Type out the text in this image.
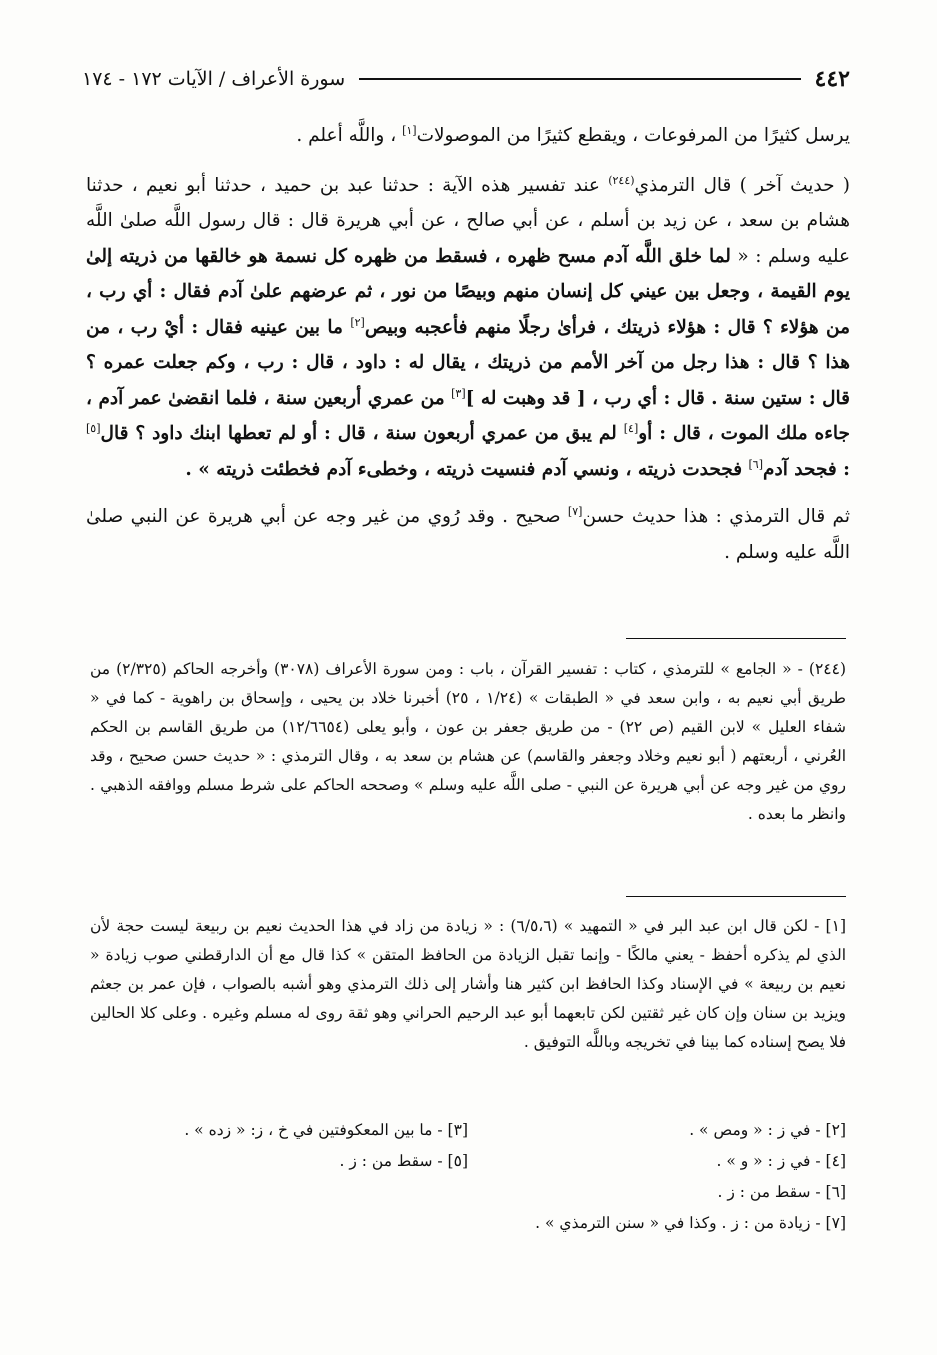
٤٤٢
سورة الأعراف / الآيات ١٧٢ - ١٧٤

يرسل كثيرًا من المرفوعات ، ويقطع كثيرًا من الموصولات[١] ، واللَّه أعلم .

( حديث آخر ) قال الترمذي$^{(٢٤٤)}$ عند تفسير هذه الآية : حدثنا عبد بن حميد ، حدثنا أبو نعيم ، حدثنا هشام بن سعد ، عن زيد بن أسلم ، عن أبي صالح ، عن أبي هريرة قال : قال رسول اللَّه صلىٰ اللَّه عليه وسلم : « لما خلق اللَّه آدم مسح ظهره ، فسقط من ظهره كل نسمة هو خالقها من ذريته إلىٰ يوم القيمة ، وجعل بين عيني كل إنسان منهم وبيصًا من نور ، ثم عرضهم علىٰ آدم فقال : أي رب ، من هؤلاء ؟ قال : هؤلاء ذريتك ، فرأىٰ رجلًا منهم فأعجبه وبيص[٢] ما بين عينيه فقال : أيْ رب ، من هذا ؟ قال : هذا رجل من آخر الأمم من ذريتك ، يقال له : داود ، قال : رب ، وكم جعلت عمره ؟ قال : ستين سنة . قال : أي رب ، [ قد وهبت له ][٣] من عمري أربعين سنة ، فلما انقضىٰ عمر آدم ، جاءه ملك الموت ، قال : أو[٤] لم يبق من عمري أربعون سنة ، قال : أو لم تعطها ابنك داود ؟ قال[٥] : فجحد آدم[٦] فجحدت ذريته ، ونسي آدم فنسيت ذريته ، وخطىء آدم فخطئت ذريته » .

ثم قال الترمذي : هذا حديث حسن[٧] صحيح . وقد رُوي من غير وجه عن أبي هريرة عن النبي صلىٰ اللَّه عليه وسلم .

(٢٤٤) - « الجامع » للترمذي ، كتاب : تفسير القرآن ، باب : ومن سورة الأعراف (٣٠٧٨) وأخرجه الحاكم (٢/٣٢٥) من طريق أبي نعيم به ، وابن سعد في « الطبقات » (١/٢٤ ، ٢٥) أخبرنا خلاد بن يحيى ، وإسحاق بن راهوية - كما في « شفاء العليل » لابن القيم (ص ٢٢) - من طريق جعفر بن عون ، وأبو يعلى (١٢/٦٦٥٤) من طريق القاسم بن الحكم العُرني ، أربعتهم ( أبو نعيم وخلاد وجعفر والقاسم) عن هشام بن سعد به ، وقال الترمذي : « حديث حسن صحيح ، وقد روي من غير وجه عن أبي هريرة عن النبي - صلى اللَّه عليه وسلم » وصححه الحاكم على شرط مسلم ووافقه الذهبي . وانظر ما بعده .

[١] - لكن قال ابن عبد البر في « التمهيد » (٦/٥،٦) : « زيادة من زاد في هذا الحديث نعيم بن ربيعة ليست حجة لأن الذي لم يذكره أحفظ - يعني مالكًا - وإنما تقبل الزيادة من الحافظ المتقن » كذا قال مع أن الدارقطني صوب زيادة « نعيم بن ربيعة » في الإسناد وكذا الحافظ ابن كثير هنا وأشار إلى ذلك الترمذي وهو أشبه بالصواب ، فإن عمر بن جعثم ويزيد بن سنان وإن كان غير ثقتين لكن تابعهما أبو عبد الرحيم الحراني وهو ثقة روى له مسلم وغيره . وعلى كلا الحالين فلا يصح إسناده كما بينا في تخريجه وباللَّه التوفيق .

[٢] - في ز : « ومص » .
[٣] - ما بين المعكوفتين في خ ، ز: « زده » .
[٤] - في ز : « و » .
[٥] - سقط من : ز .
[٦] - سقط من : ز .
[٧] - زيادة من : ز . وكذا في « سنن الترمذي » .
